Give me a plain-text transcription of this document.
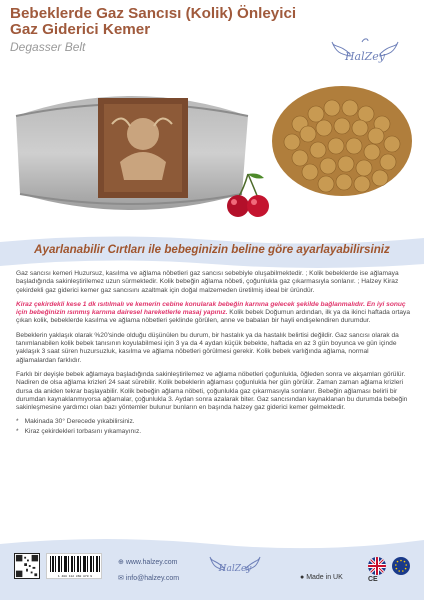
Bebeklerde Gaz Sancısı (Kolik) Önleyici Gaz Giderici Kemer
Degasser Belt
HalZey
Ayarlanabilir Cırtları ile bebeginizin beline göre ayarlayabilirsiniz

Gaz sancısı kemeri Huzursuz, kasılma ve ağlama nöbetleri gaz sancısı sebebiyle oluşabilmektedir. ; Kolik bebeklerde ise ağlamaya başladığında sakinleştirilemez uzun sürmektedir. Kolik bebeğin ağlama nöbeti, çoğunlukla gaz çıkarmasıyla sonlanır. ; Halzey Kiraz çekirdekli gaz giderici kemer gaz sancısını azaltmak için doğal malzemeden üretilmiş ideal bir üründür.

Kiraz çekirdekli kese 1 dk ısıtılmalı ve kemerin cebine konularak bebeğin karnına gelecek şekilde bağlanmalıdır. En iyi sonuç için bebeğinizin ısınmış karnına dairesel hareketlerle masaj yapınız. Kolik bebek Doğumun ardından, ilk ya da ikinci haftada ortaya çıkan kolik, bebeklerde kasılma ve ağlama nöbetleri şeklinde görülen, anne ve babaları bir hayli endişelendiren durumdur.

Bebeklerin yaklaşık olarak %20'sinde olduğu düşünülen bu durum, bir hastalık ya da hastalık belirtisi değildir. Gaz sancısı olarak da tanımlanabilen kolik bebek tanısının koyulabilmesi için 3 ya da 4 aydan küçük bebekte, haftada en az 3 gün boyunca ve gün içinde yaklaşık 3 saat süren huzursuzluk, kasılma ve ağlama nöbetleri görülmesi gerekir. Kolik bebek varlığında ağlama, normal ağlamalardan farklıdır.

Farklı bir deyişle bebek ağlamaya başladığında sakinleştirilemez ve ağlama nöbetleri çoğunlukla, öğleden sonra ve akşamları görülür. Nadiren de olsa ağlama krizleri 24 saat sürebilir. Kolik bebeklerin ağlaması çoğunlukla her gün görülür. Zaman zaman ağlama krizleri dursa da aniden tekrar başlayabilir. Kolik bebeğin ağlama nöbeti, çoğunlukla gaz çıkarmasıyla sonlanır. Bebeğin ağlaması belirli bir durumdan kaynaklanmıyorsa ağlamalar, çoğunlukla 3. Aydan sonra azalarak biter. Gaz sancısından kaynaklanan bu durumda bebeğin sakinleşmesine yardımcı olan bazı yöntemler bulunur bunların en başında halzey gaz giderici kemer gelmektedir.

* Makinada 30° Derecede yıkabilirsiniz.
* Kiraz çekirdekleri torbasını yıkamayınız.
1 400 112 860 870 9
⊕ www.halzey.com
✉ info@halzey.com
HalZey
● Made in UK	CE
